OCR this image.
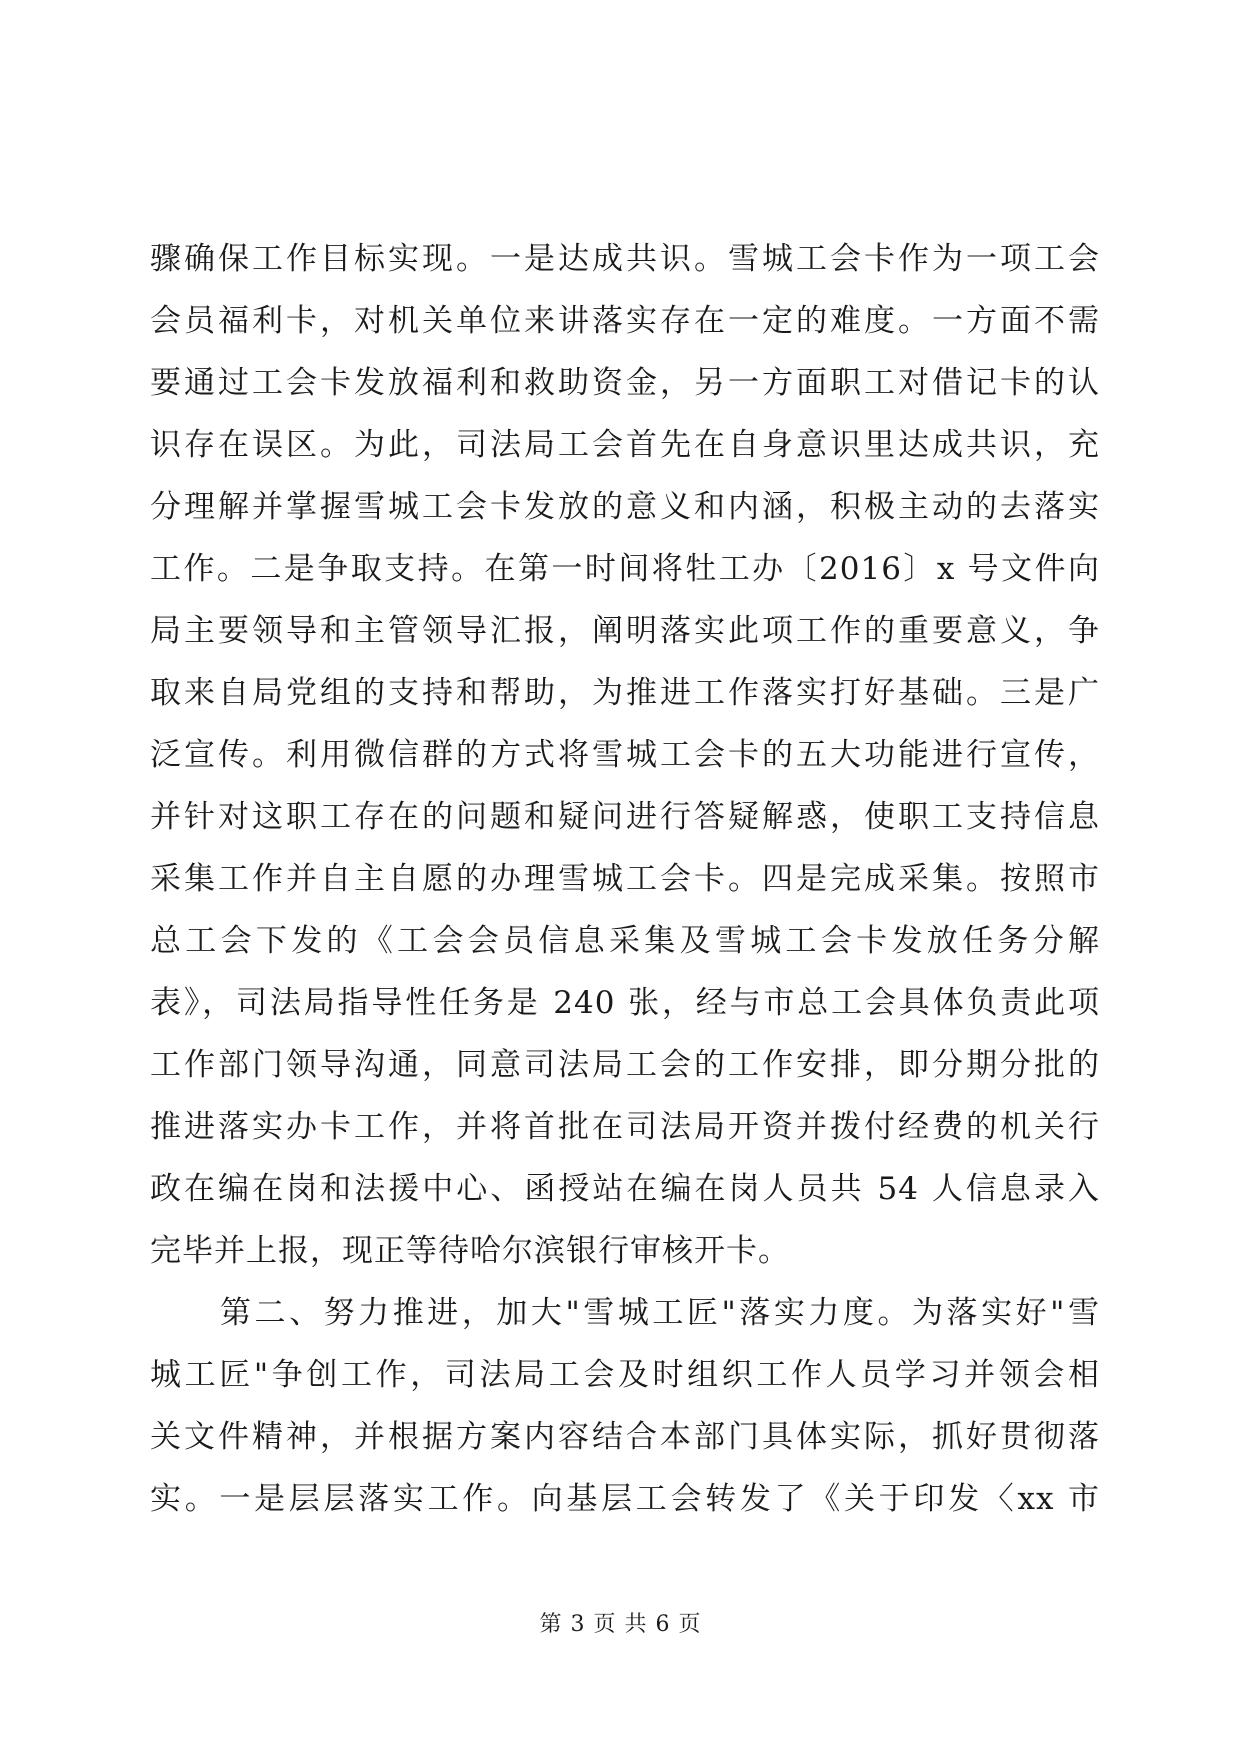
骤确保工作目标实现。一是达成共识。雪城工会卡作为一项工会
会员福利卡，对机关单位来讲落实存在一定的难度。一方面不需
要通过工会卡发放福利和救助资金，另一方面职工对借记卡的认
识存在误区。为此，司法局工会首先在自身意识里达成共识，充
分理解并掌握雪城工会卡发放的意义和内涵，积极主动的去落实
工作。二是争取支持。在第一时间将牡工办〔2016〕x 号文件向
局主要领导和主管领导汇报，阐明落实此项工作的重要意义，争
取来自局党组的支持和帮助，为推进工作落实打好基础。三是广
泛宣传。利用微信群的方式将雪城工会卡的五大功能进行宣传，
并针对这职工存在的问题和疑问进行答疑解惑，使职工支持信息
采集工作并自主自愿的办理雪城工会卡。四是完成采集。按照市
总工会下发的《工会会员信息采集及雪城工会卡发放任务分解
表》，司法局指导性任务是 240 张，经与市总工会具体负责此项
工作部门领导沟通，同意司法局工会的工作安排，即分期分批的
推进落实办卡工作，并将首批在司法局开资并拨付经费的机关行
政在编在岗和法援中心、函授站在编在岗人员共 54 人信息录入
完毕并上报，现正等待哈尔滨银行审核开卡。
第二、努力推进，加大"雪城工匠"落实力度。为落实好"雪
城工匠"争创工作，司法局工会及时组织工作人员学习并领会相
关文件精神，并根据方案内容结合本部门具体实际，抓好贯彻落
实。一是层层落实工作。向基层工会转发了《关于印发〈xx 市
第 3 页 共 6 页
